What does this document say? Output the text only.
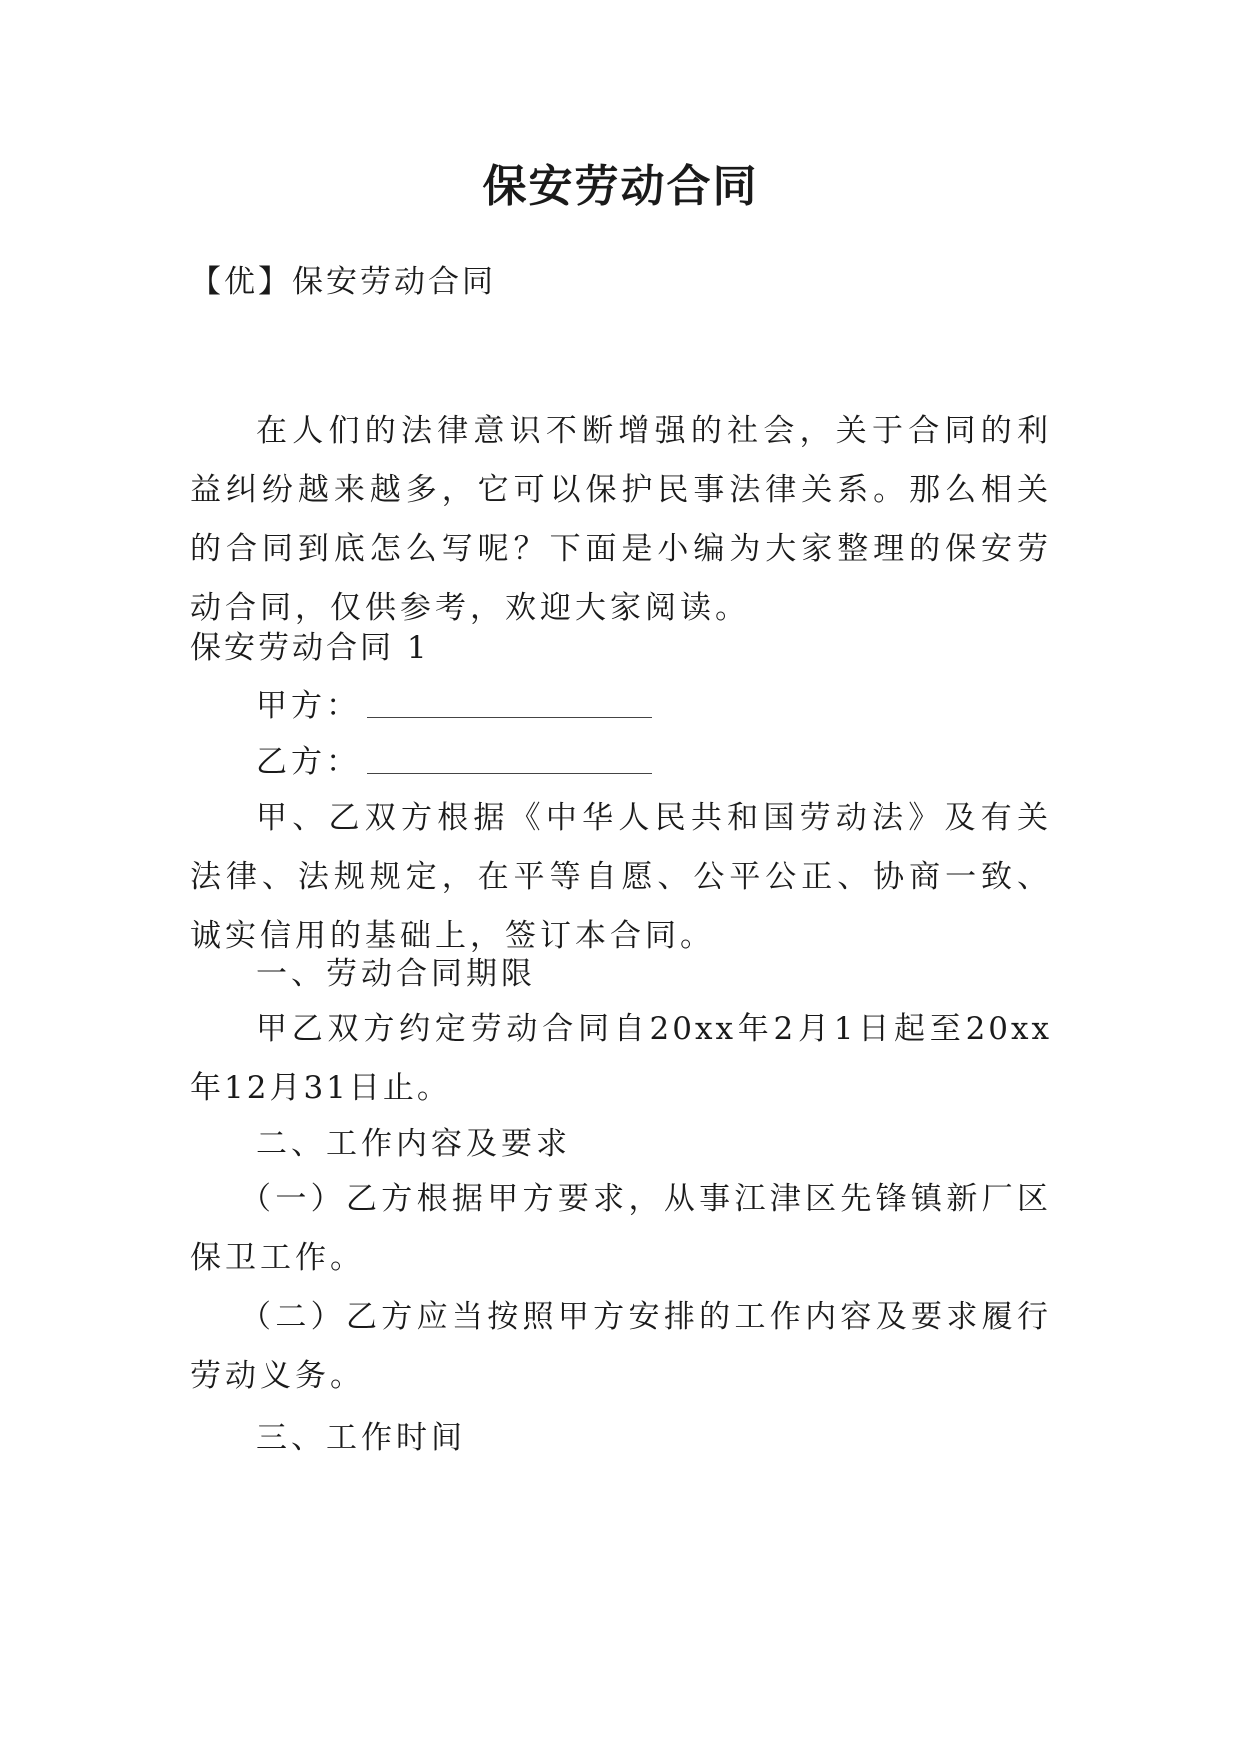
保安劳动合同
【优】保安劳动合同
在人们的法律意识不断增强的社会，关于合同的利益纠纷越来越多，它可以保护民事法律关系。那么相关的合同到底怎么写呢？下面是小编为大家整理的保安劳动合同，仅供参考，欢迎大家阅读。
保安劳动合同 1
甲方：
乙方：
甲、乙双方根据《中华人民共和国劳动法》及有关法律、法规规定，在平等自愿、公平公正、协商一致、诚实信用的基础上，签订本合同。
一、劳动合同期限
甲乙双方约定劳动合同自20xx年2月1日起至20xx年12月31日止。
二、工作内容及要求
（一）乙方根据甲方要求，从事江津区先锋镇新厂区保卫工作。
（二）乙方应当按照甲方安排的工作内容及要求履行劳动义务。
三、工作时间
